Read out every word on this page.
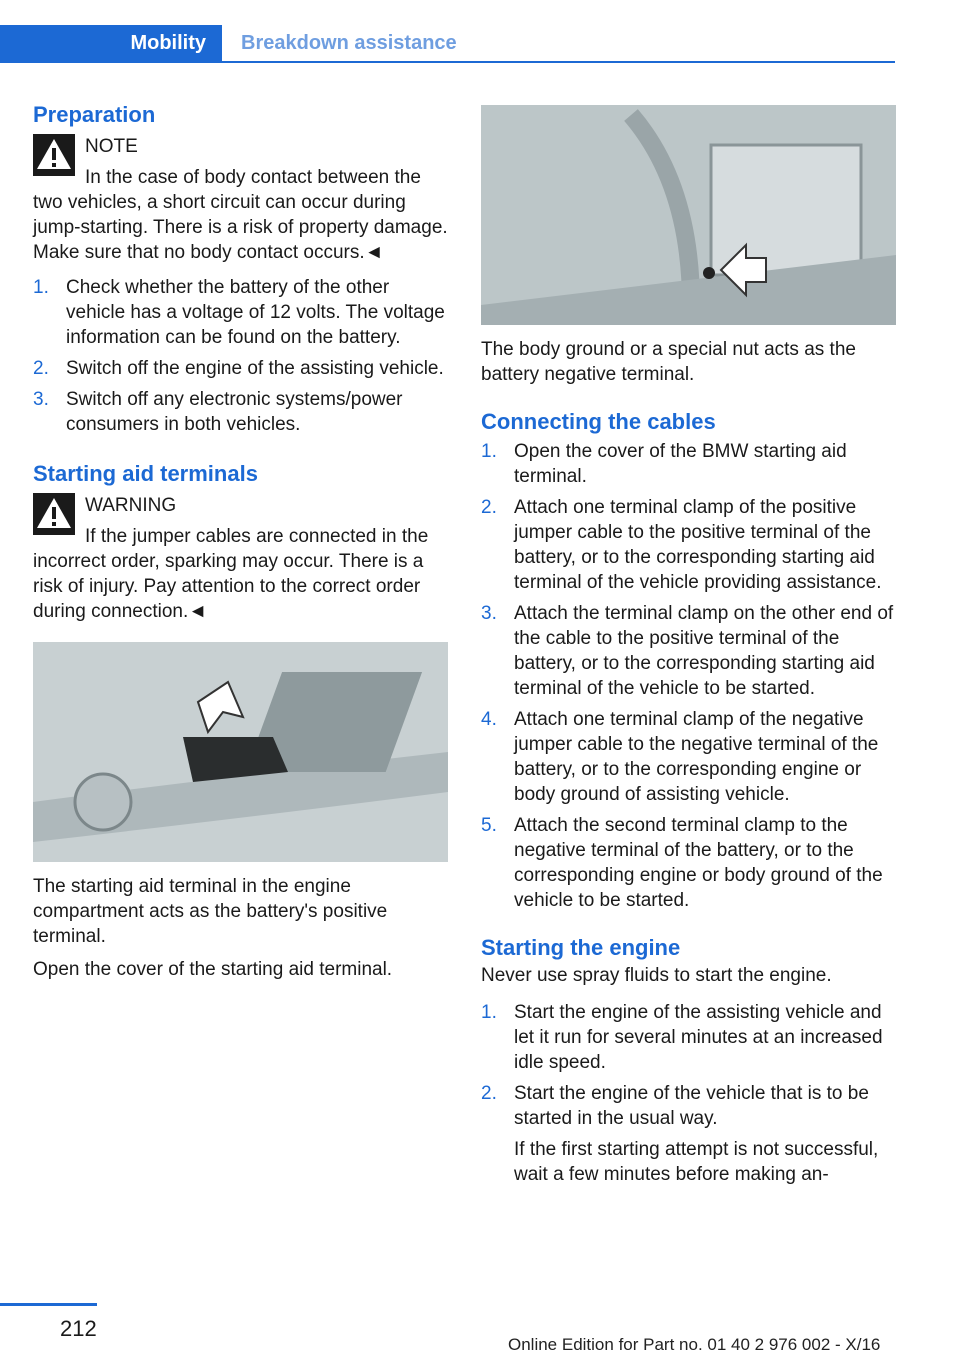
Mobility Breakdown assistance
Preparation
NOTE

In the case of body contact between the two vehicles, a short circuit can occur during jump-starting. There is a risk of property damage. Make sure that no body contact occurs.◄

1. Check whether the battery of the other vehicle has a voltage of 12 volts. The voltage information can be found on the battery.
2. Switch off the engine of the assisting vehicle.
3. Switch off any electronic systems/power consumers in both vehicles.
Starting aid terminals
WARNING

If the jumper cables are connected in the incorrect order, sparking may occur. There is a risk of injury. Pay attention to the correct order during connection.◄

The starting aid terminal in the engine compartment acts as the battery's positive terminal.

Open the cover of the starting aid terminal.

The body ground or a special nut acts as the battery negative terminal.

Connecting the cables
1. Open the cover of the BMW starting aid terminal.
2. Attach one terminal clamp of the positive jumper cable to the positive terminal of the battery, or to the corresponding starting aid terminal of the vehicle providing assistance.
3. Attach the terminal clamp on the other end of the cable to the positive terminal of the battery, or to the corresponding starting aid terminal of the vehicle to be started.
4. Attach one terminal clamp of the negative jumper cable to the negative terminal of the battery, or to the corresponding engine or body ground of assisting vehicle.
5. Attach the second terminal clamp to the negative terminal of the battery, or to the corresponding engine or body ground of the vehicle to be started.
Starting the engine

Never use spray fluids to start the engine.

1. Start the engine of the assisting vehicle and let it run for several minutes at an increased idle speed.
2. Start the engine of the vehicle that is to be started in the usual way.

If the first starting attempt is not successful, wait a few minutes before making an-

212
Online Edition for Part no. 01 40 2 976 002 - X/16
